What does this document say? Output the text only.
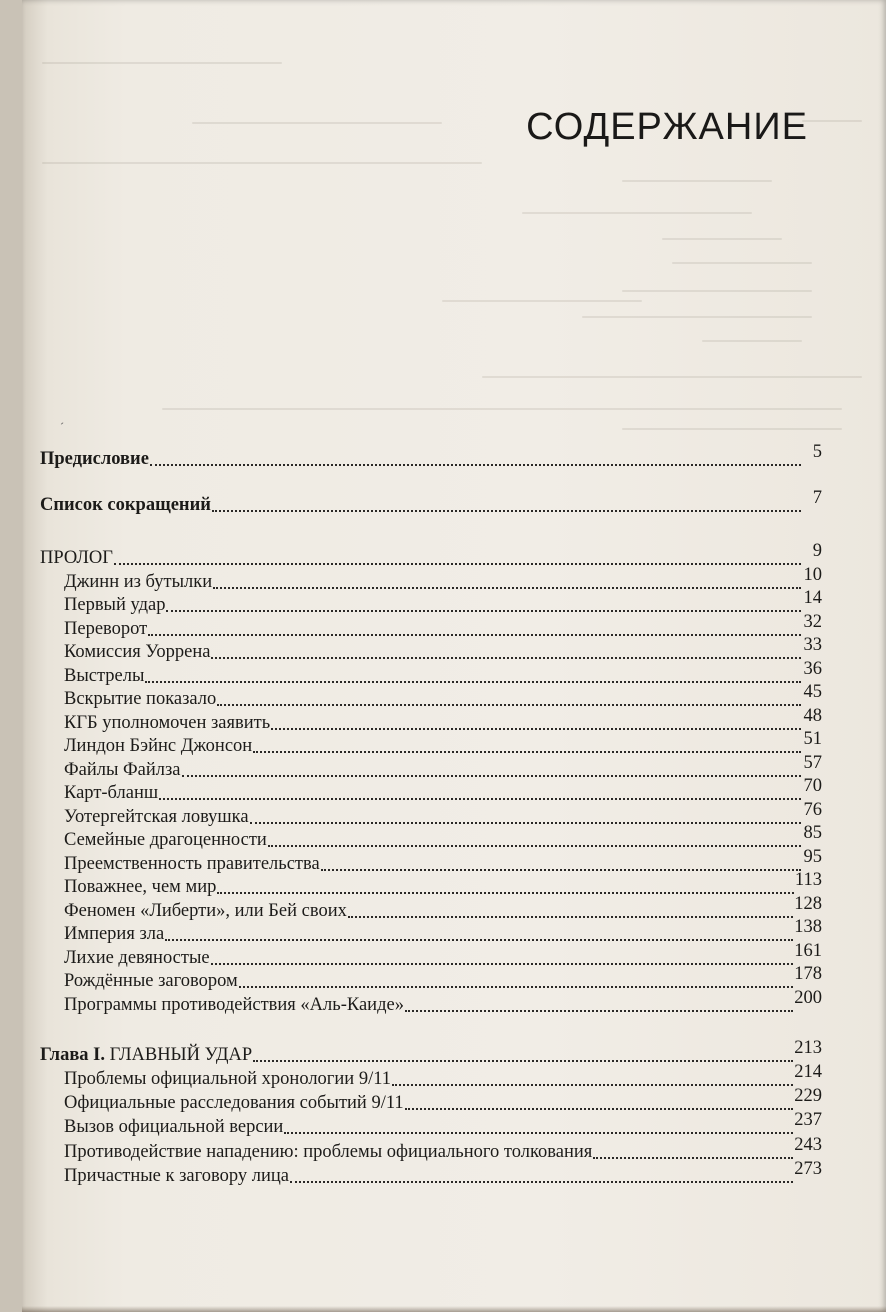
СОДЕРЖАНИЕ
´
Предисловие	5
Список сокращений	7
ПРОЛОГ	9
Джинн из бутылки	10
Первый удар	14
Переворот	32
Комиссия Уоррена	33
Выстрелы	36
Вскрытие показало	45
КГБ уполномочен заявить	48
Линдон Бэйнс Джонсон	51
Файлы Файлза	57
Карт-бланш	70
Уотергейтская ловушка	76
Семейные драгоценности	85
Преемственность правительства	95
Поважнее, чем мир	113
Феномен «Либерти», или Бей своих	128
Империя зла	138
Лихие девяностые	161
Рождённые заговором	178
Программы противодействия «Аль-Каиде»	200
Глава I. ГЛАВНЫЙ УДАР	213
Проблемы официальной хронологии 9/11	214
Официальные расследования событий 9/11	229
Вызов официальной версии	237
Противодействие нападению: проблемы официального толкования	243
Причастные к заговору лица	273
